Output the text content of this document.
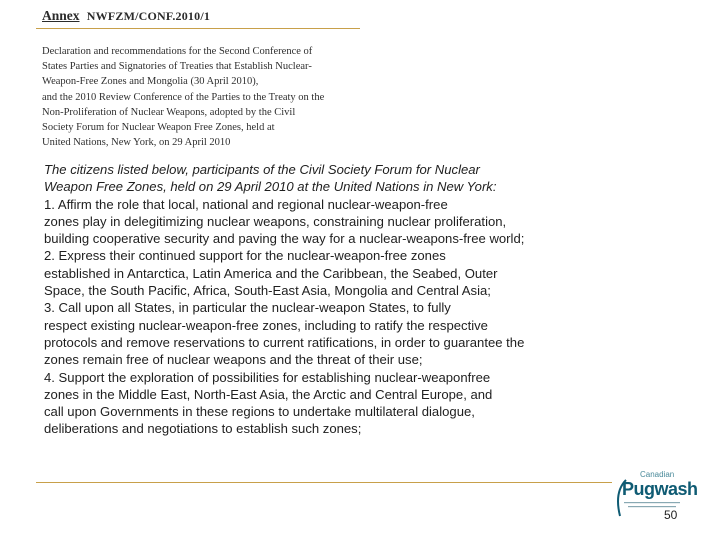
Annex NWFZM/CONF.2010/1

Declaration and recommendations for the Second Conference of
States Parties and Signatories of Treaties that Establish Nuclear-
Weapon-Free Zones and Mongolia (30 April 2010),
and the 2010 Review Conference of the Parties to the Treaty on the
Non-Proliferation of Nuclear Weapons, adopted by the Civil
Society Forum for Nuclear Weapon Free Zones, held at
United Nations, New York, on 29 April 2010

The citizens listed below, participants of the Civil Society Forum for Nuclear
Weapon Free Zones, held on 29 April 2010 at the United Nations in New York:
1. Affirm the role that local, national and regional nuclear-weapon-free
zones play in delegitimizing nuclear weapons, constraining nuclear proliferation,
building cooperative security and paving the way for a nuclear-weapons-free world;
2. Express their continued support for the nuclear-weapon-free zones
established in Antarctica, Latin America and the Caribbean, the Seabed, Outer
Space, the South Pacific, Africa, South-East Asia, Mongolia and Central Asia;
3. Call upon all States, in particular the nuclear-weapon States, to fully
respect existing nuclear-weapon-free zones, including to ratify the respective
protocols and remove reservations to current ratifications, in order to guarantee the
zones remain free of nuclear weapons and the threat of their use;
4. Support the exploration of possibilities for establishing nuclear-weaponfree
zones in the Middle East, North-East Asia, the Arctic and Central Europe, and
call upon Governments in these regions to undertake multilateral dialogue,
deliberations and negotiations to establish such zones;

Canadian
Pugwash
50
